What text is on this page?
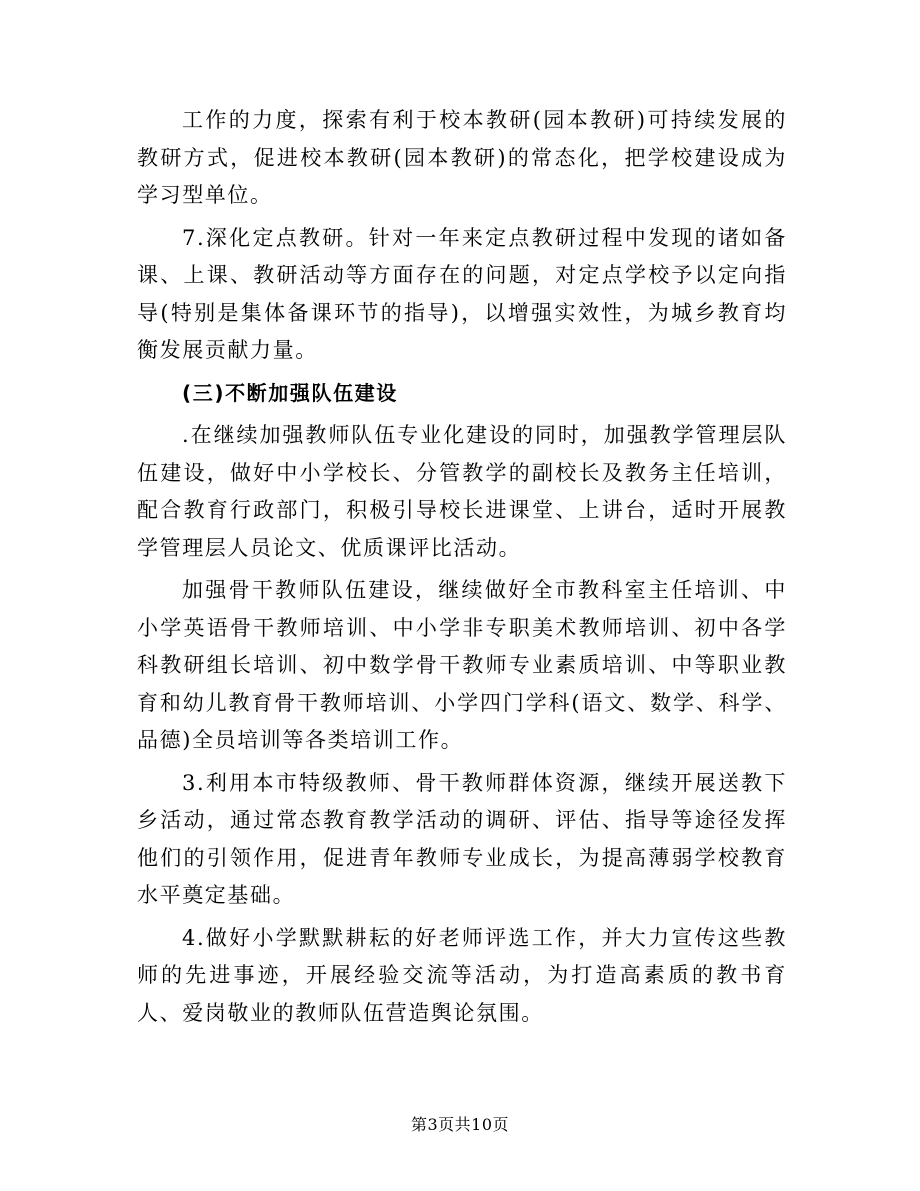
工作的力度，探索有利于校本教研(园本教研)可持续发展的教研方式，促进校本教研(园本教研)的常态化，把学校建设成为学习型单位。

7.深化定点教研。针对一年来定点教研过程中发现的诸如备课、上课、教研活动等方面存在的问题，对定点学校予以定向指导(特别是集体备课环节的指导)，以增强实效性，为城乡教育均衡发展贡献力量。

(三)不断加强队伍建设

.在继续加强教师队伍专业化建设的同时，加强教学管理层队伍建设，做好中小学校长、分管教学的副校长及教务主任培训，配合教育行政部门，积极引导校长进课堂、上讲台，适时开展教学管理层人员论文、优质课评比活动。

加强骨干教师队伍建设，继续做好全市教科室主任培训、中小学英语骨干教师培训、中小学非专职美术教师培训、初中各学科教研组长培训、初中数学骨干教师专业素质培训、中等职业教育和幼儿教育骨干教师培训、小学四门学科(语文、数学、科学、品德)全员培训等各类培训工作。

3.利用本市特级教师、骨干教师群体资源，继续开展送教下乡活动，通过常态教育教学活动的调研、评估、指导等途径发挥他们的引领作用，促进青年教师专业成长，为提高薄弱学校教育水平奠定基础。

4.做好小学默默耕耘的好老师评选工作，并大力宣传这些教师的先进事迹，开展经验交流等活动，为打造高素质的教书育人、爱岗敬业的教师队伍营造舆论氛围。

第3页共10页
